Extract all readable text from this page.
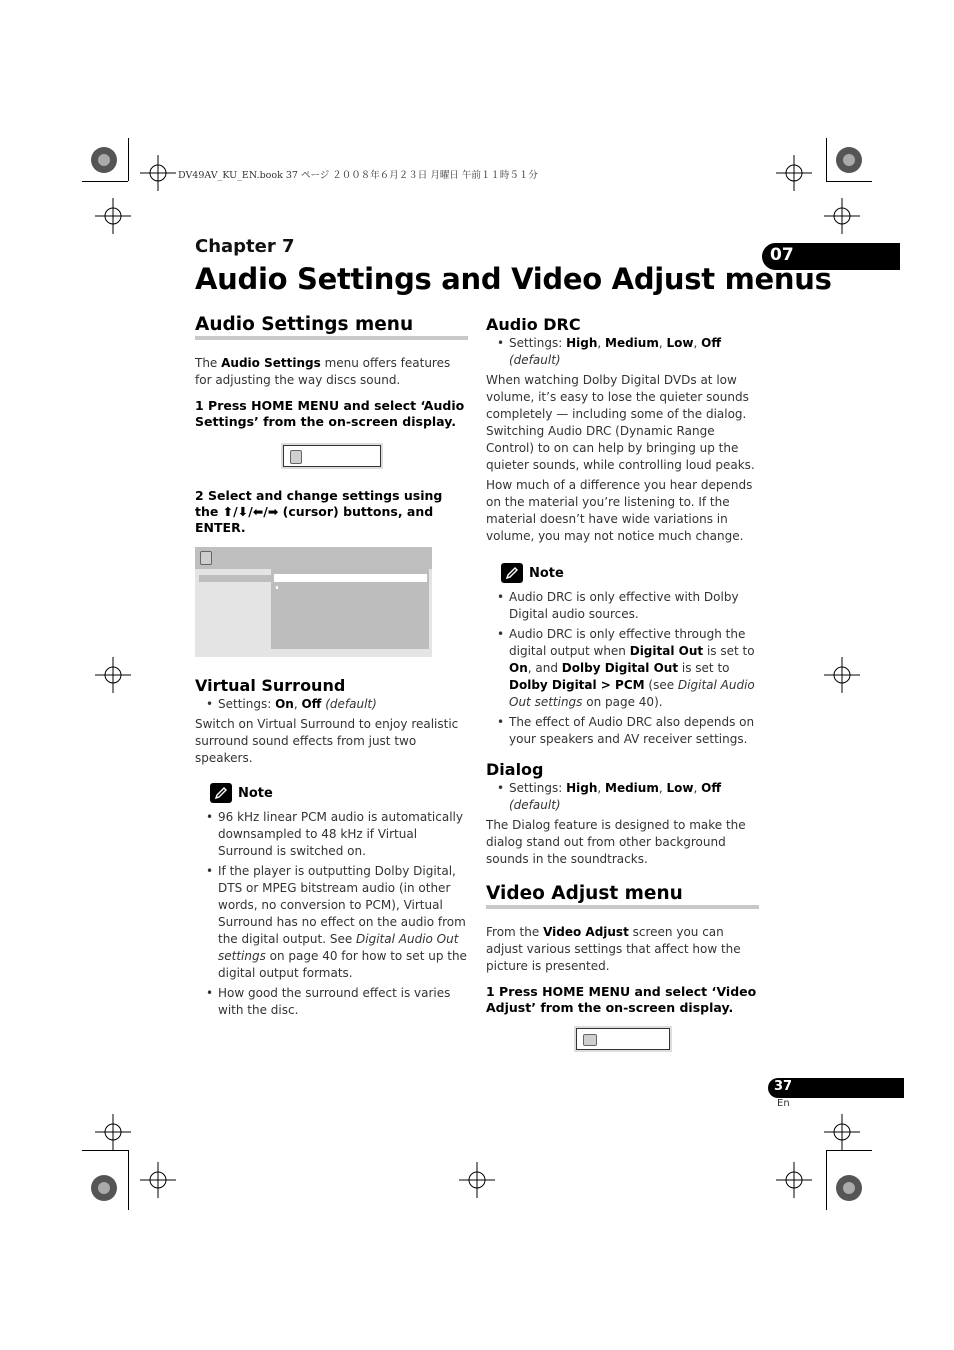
DV49AV_KU_EN.book 37 ページ ２００８年６月２３日 月曜日 午前１１時５１分
Chapter 7	07
Audio Settings and Video Adjust menus
Audio Settings menu

The Audio Settings menu offers features for adjusting the way discs sound.

1 Press HOME MENU and select ‘Audio Settings’ from the on-screen display.

2 Select and change settings using the ⬆/⬇/⬅/➡ (cursor) buttons, and ENTER.

Virtual Surround
• Settings: On, Off (default)

Switch on Virtual Surround to enjoy realistic surround sound effects from just two speakers.

Note
• 96 kHz linear PCM audio is automatically downsampled to 48 kHz if Virtual Surround is switched on.
• If the player is outputting Dolby Digital, DTS or MPEG bitstream audio (in other words, no conversion to PCM), Virtual Surround has no effect on the audio from the digital output. See Digital Audio Out settings on page 40 for how to set up the digital output formats.
• How good the surround effect is varies with the disc.
Audio DRC
• Settings: High, Medium, Low, Off (default)

When watching Dolby Digital DVDs at low volume, it’s easy to lose the quieter sounds completely — including some of the dialog. Switching Audio DRC (Dynamic Range Control) to on can help by bringing up the quieter sounds, while controlling loud peaks.

How much of a difference you hear depends on the material you’re listening to. If the material doesn’t have wide variations in volume, you may not notice much change.

Note
• Audio DRC is only effective with Dolby Digital audio sources.
• Audio DRC is only effective through the digital output when Digital Out is set to On, and Dolby Digital Out is set to Dolby Digital > PCM (see Digital Audio Out settings on page 40).
• The effect of Audio DRC also depends on your speakers and AV receiver settings.
Dialog
• Settings: High, Medium, Low, Off (default)

The Dialog feature is designed to make the dialog stand out from other background sounds in the soundtracks.

Video Adjust menu

From the Video Adjust screen you can adjust various settings that affect how the picture is presented.

1 Press HOME MENU and select ‘Video Adjust’ from the on-screen display.

37
En
